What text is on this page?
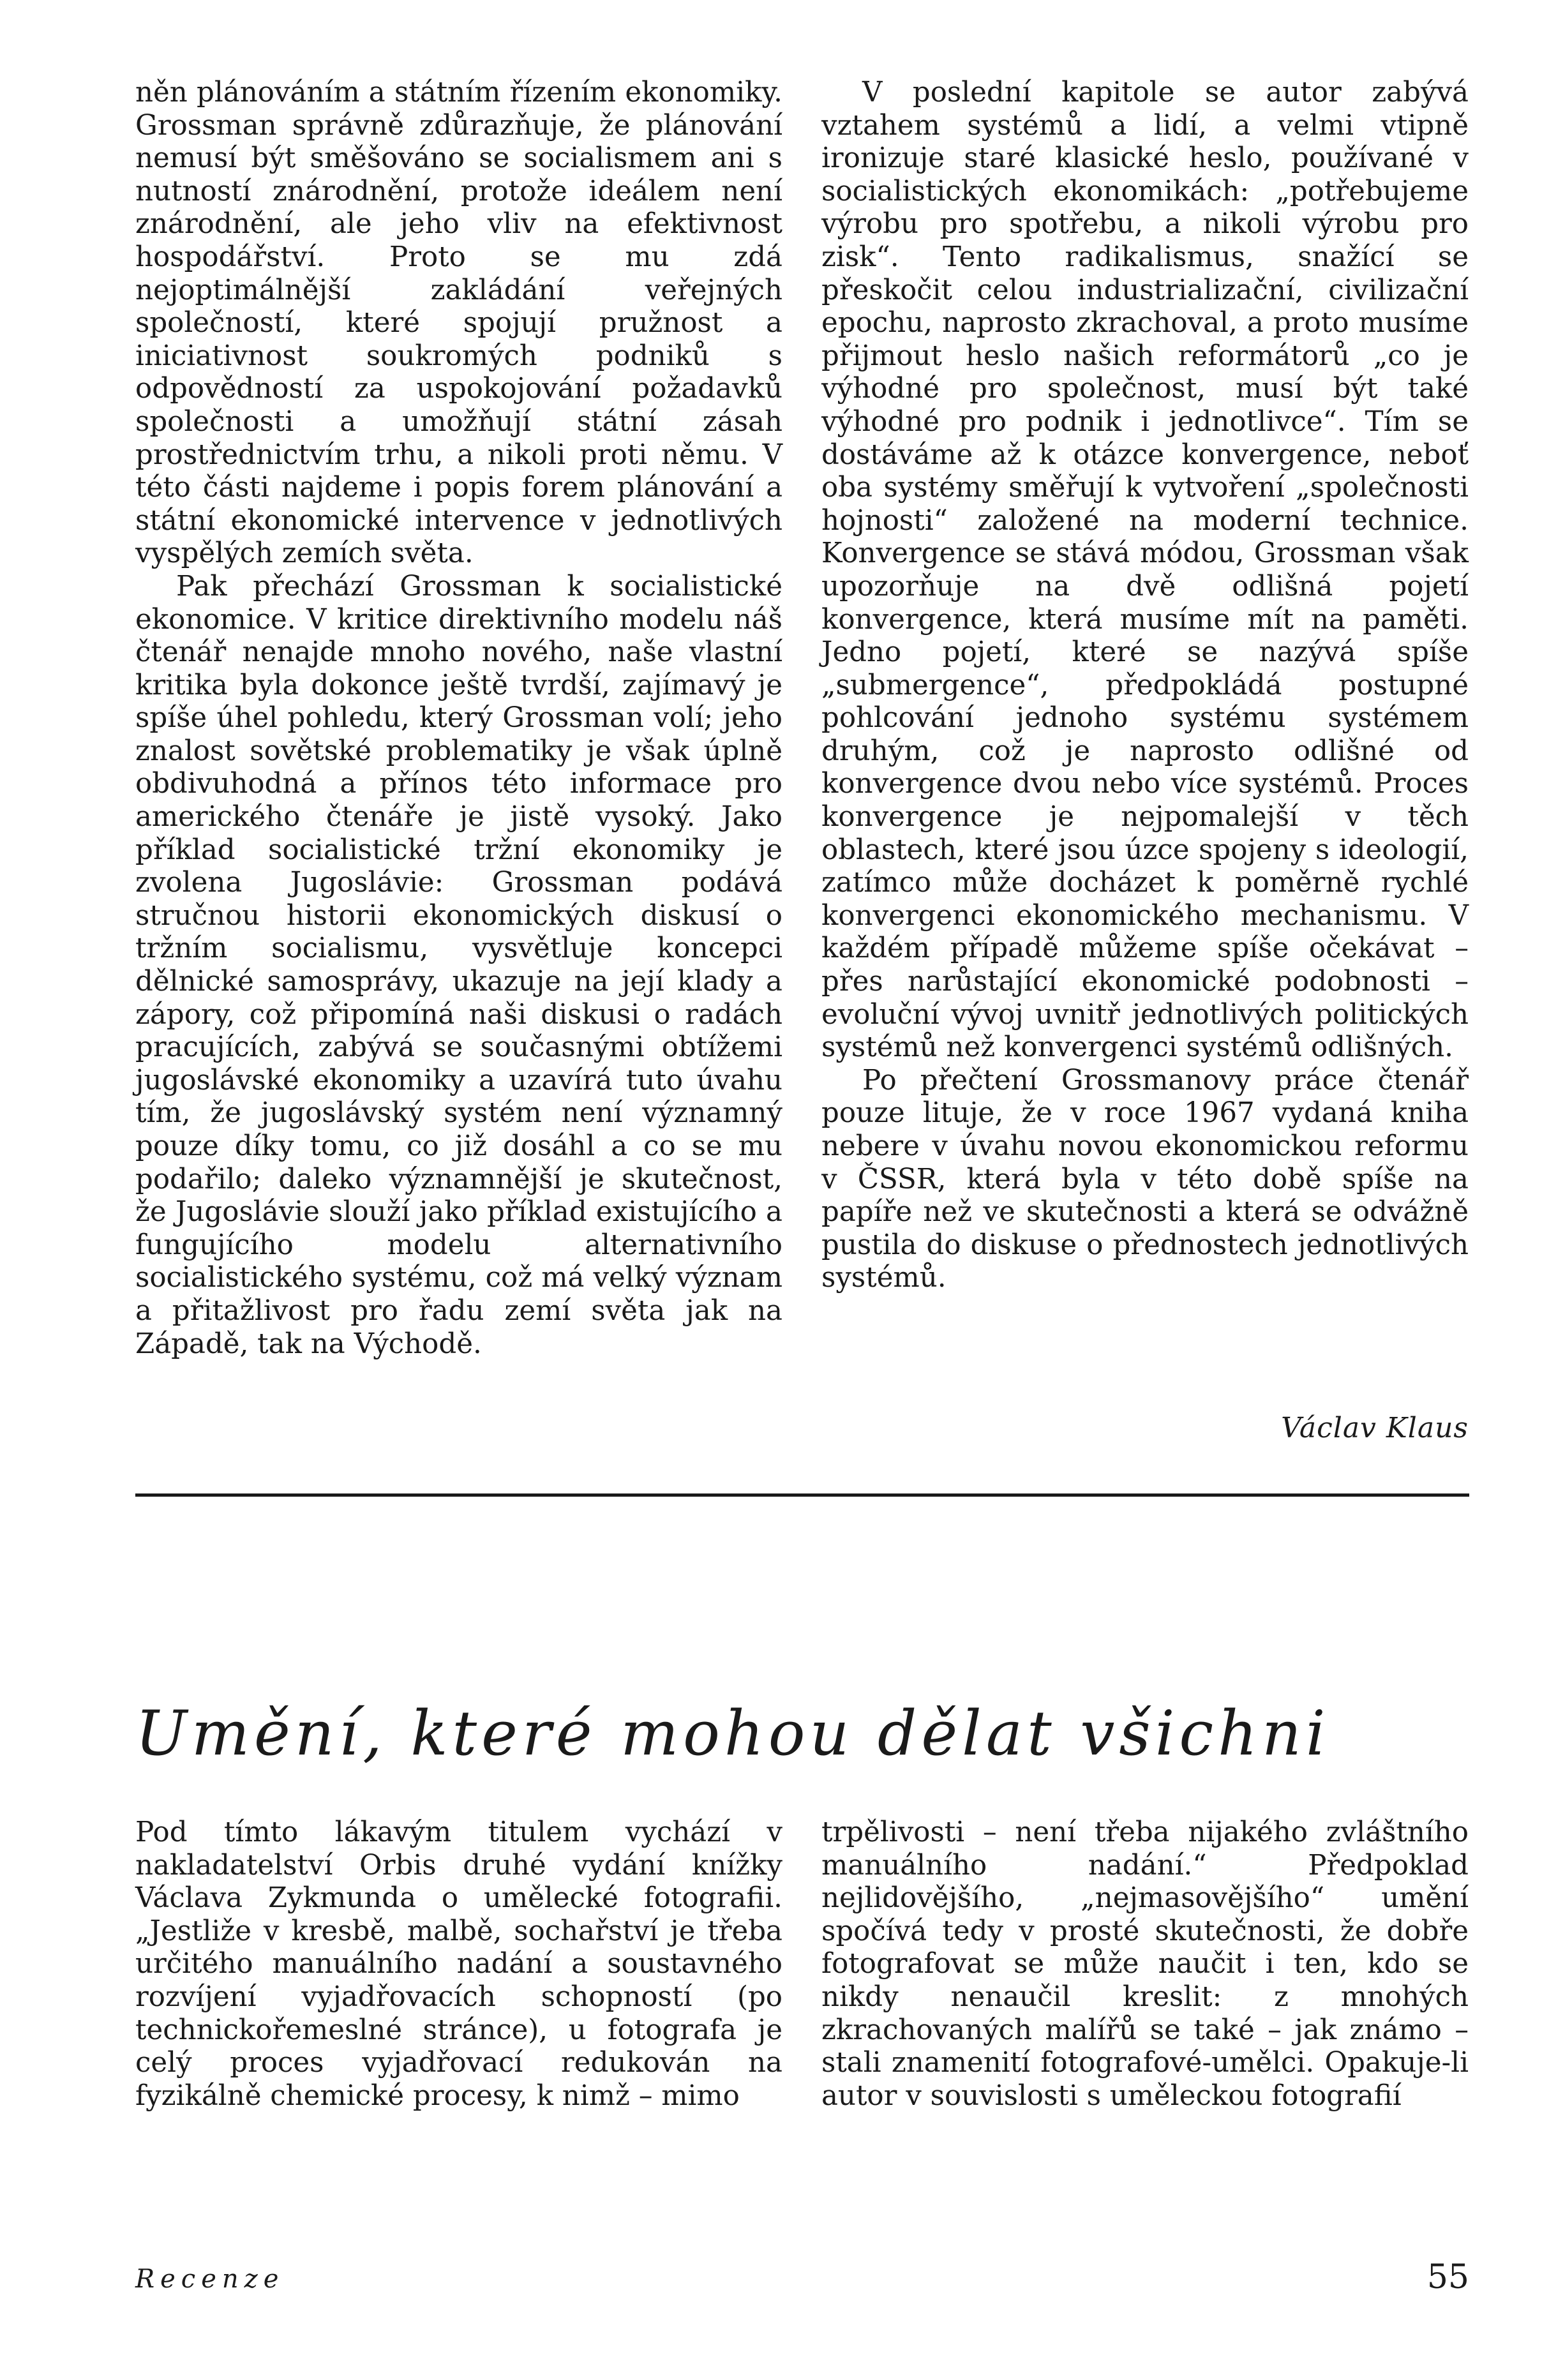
něn plánováním a státním řízením ekonomiky. Grossman správně zdůrazňuje, že plánování nemusí být směšováno se socialismem ani s nutností znárodnění, protože ideálem není znárodnění, ale jeho vliv na efektivnost hospodářství. Proto se mu zdá nejoptimálnější zakládání veřejných společností, které spojují pružnost a iniciativnost soukromých podniků s odpovědností za uspokojování požadavků společnosti a umožňují státní zásah prostřednictvím trhu, a nikoli proti němu. V této části najdeme i popis forem plánování a státní ekonomické intervence v jednotlivých vyspělých zemích světa.

Pak přechází Grossman k socialistické ekonomice. V kritice direktivního modelu náš čtenář nenajde mnoho nového, naše vlastní kritika byla dokonce ještě tvrdší, zajímavý je spíše úhel pohledu, který Grossman volí; jeho znalost sovětské problematiky je však úplně obdivuhodná a přínos této informace pro amerického čtenáře je jistě vysoký. Jako příklad socialistické tržní ekonomiky je zvolena Jugoslávie: Grossman podává stručnou historii ekonomických diskusí o tržním socialismu, vysvětluje koncepci dělnické samosprávy, ukazuje na její klady a zápory, což připomíná naši diskusi o radách pracujících, zabývá se současnými obtížemi jugoslávské ekonomiky a uzavírá tuto úvahu tím, že jugoslávský systém není významný pouze díky tomu, co již dosáhl a co se mu podařilo; daleko významnější je skutečnost, že Jugoslávie slouží jako příklad existujícího a fungujícího modelu alternativního socialistického systému, což má velký význam a přitažlivost pro řadu zemí světa jak na Západě, tak na Východě.

V poslední kapitole se autor zabývá vztahem systémů a lidí, a velmi vtipně ironizuje staré klasické heslo, používané v socialistických ekonomikách: „potřebujeme výrobu pro spotřebu, a nikoli výrobu pro zisk“. Tento radikalismus, snažící se přeskočit celou industrializační, civilizační epochu, naprosto zkrachoval, a proto musíme přijmout heslo našich reformátorů „co je výhodné pro společnost, musí být také výhodné pro podnik i jednotlivce“. Tím se dostáváme až k otázce konvergence, neboť oba systémy směřují k vytvoření „společnosti hojnosti“ založené na moderní technice. Konvergence se stává módou, Grossman však upozorňuje na dvě odlišná pojetí konvergence, která musíme mít na paměti. Jedno pojetí, které se nazývá spíše „submergence“, předpokládá postupné pohlcování jednoho systému systémem druhým, což je naprosto odlišné od konvergence dvou nebo více systémů. Proces konvergence je nejpomalejší v těch oblastech, které jsou úzce spojeny s ideologií, zatímco může docházet k poměrně rychlé konvergenci ekonomického mechanismu. V každém případě můžeme spíše očekávat – přes narůstající ekonomické podobnosti – evoluční vývoj uvnitř jednotlivých politických systémů než konvergenci systémů odlišných.

Po přečtení Grossmanovy práce čtenář pouze lituje, že v roce 1967 vydaná kniha nebere v úvahu novou ekonomickou reformu v ČSSR, která byla v této době spíše na papíře než ve skutečnosti a která se odvážně pustila do diskuse o přednostech jednotlivých systémů.

Václav Klaus
Umění, které mohou dělat všichni

Pod tímto lákavým titulem vychází v nakladatelství Orbis druhé vydání knížky Václava Zykmunda o umělecké fotografii. „Jestliže v kresbě, malbě, sochařství je třeba určitého manuálního nadání a soustavného rozvíjení vyjadřovacích schopností (po technickořemeslné stránce), u fotografa je celý proces vyjadřovací redukován na fyzikálně chemické procesy, k nimž – mimo

trpělivosti – není třeba nijakého zvláštního manuálního nadání.“ Předpoklad nejlidovějšího, „nejmasovějšího“ umění spočívá tedy v prosté skutečnosti, že dobře fotografovat se může naučit i ten, kdo se nikdy nenaučil kreslit: z mnohých zkrachovaných malířů se také – jak známo – stali znamenití fotografové-umělci. Opakuje-li autor v souvislosti s uměleckou fotografií

Recenze	55
